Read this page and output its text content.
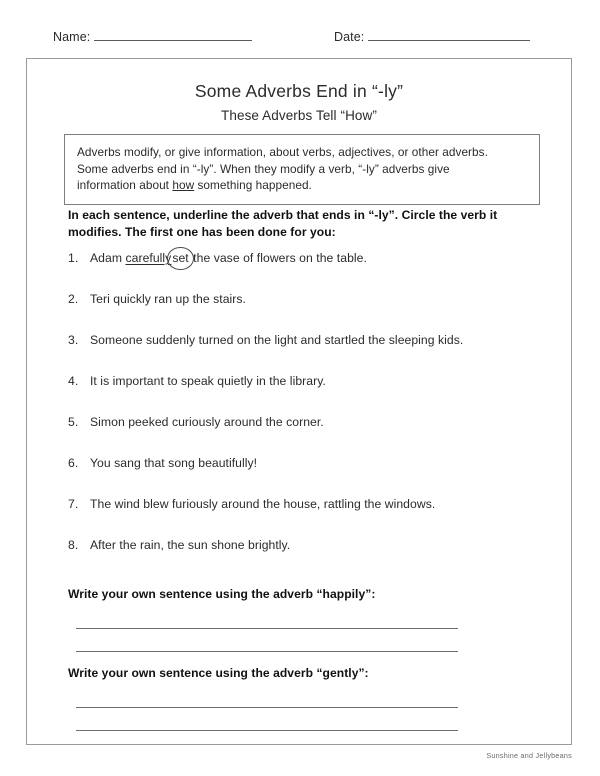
Name:	Date:
Some Adverbs End in “-ly”
These Adverbs Tell “How”
Adverbs modify, or give information, about verbs, adjectives, or other adverbs.
Some adverbs end in “-ly”. When they modify a verb, “-ly” adverbs give
information about how something happened.
In each sentence, underline the adverb that ends in “-ly”. Circle the verb it modifies. The first one has been done for you:
1. Adam carefullyset the vase of flowers on the table.
2. Teri quickly ran up the stairs.
3. Someone suddenly turned on the light and startled the sleeping kids.
4. It is important to speak quietly in the library.
5. Simon peeked curiously around the corner.
6. You sang that song beautifully!
7. The wind blew furiously around the house, rattling the windows.
8. After the rain, the sun shone brightly.
Write your own sentence using the adverb “happily”:
Write your own sentence using the adverb “gently”:
Sunshine and Jellybeans
